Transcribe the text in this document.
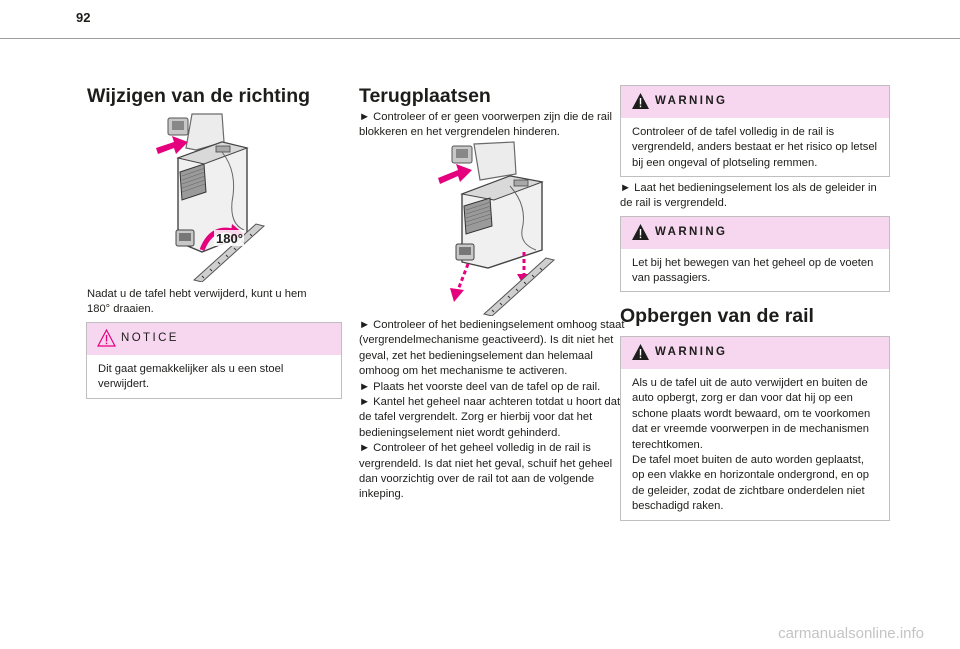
92
Wijzigen van de richting
180°
Nadat u de tafel hebt verwijderd, kunt u hem 180° draaien.
NOTICE
Dit gaat gemakkelijker als u een stoel verwijdert.
Terugplaatsen
► Controleer of er geen voorwerpen zijn die de rail blokkeren en het vergrendelen hinderen.
► Controleer of het bedieningselement omhoog staat (vergrendelmechanisme geactiveerd). Is dit niet het geval, zet het bedieningselement dan helemaal omhoog om het mechanisme te activeren.
► Plaats het voorste deel van de tafel op de rail.
► Kantel het geheel naar achteren totdat u hoort dat de tafel vergrendelt. Zorg er hierbij voor dat het bedieningselement niet wordt gehinderd.
► Controleer of het geheel volledig in de rail is vergrendeld. Is dat niet het geval, schuif het geheel dan voorzichtig over de rail tot aan de volgende inkeping.
WARNING
Controleer of de tafel volledig in de rail is vergrendeld, anders bestaat er het risico op letsel bij een ongeval of plotseling remmen.
► Laat het bedieningselement los als de geleider in de rail is vergrendeld.
WARNING
Let bij het bewegen van het geheel op de voeten van passagiers.
Opbergen van de rail
WARNING
Als u de tafel uit de auto verwijdert en buiten de auto opbergt, zorg er dan voor dat hij op een schone plaats wordt bewaard, om te voorkomen dat er vreemde voorwerpen in de mechanismen terechtkomen.
De tafel moet buiten de auto worden geplaatst, op een vlakke en horizontale ondergrond, en op de geleider, zodat de zichtbare onderdelen niet beschadigd raken.
carmanualsonline.info
